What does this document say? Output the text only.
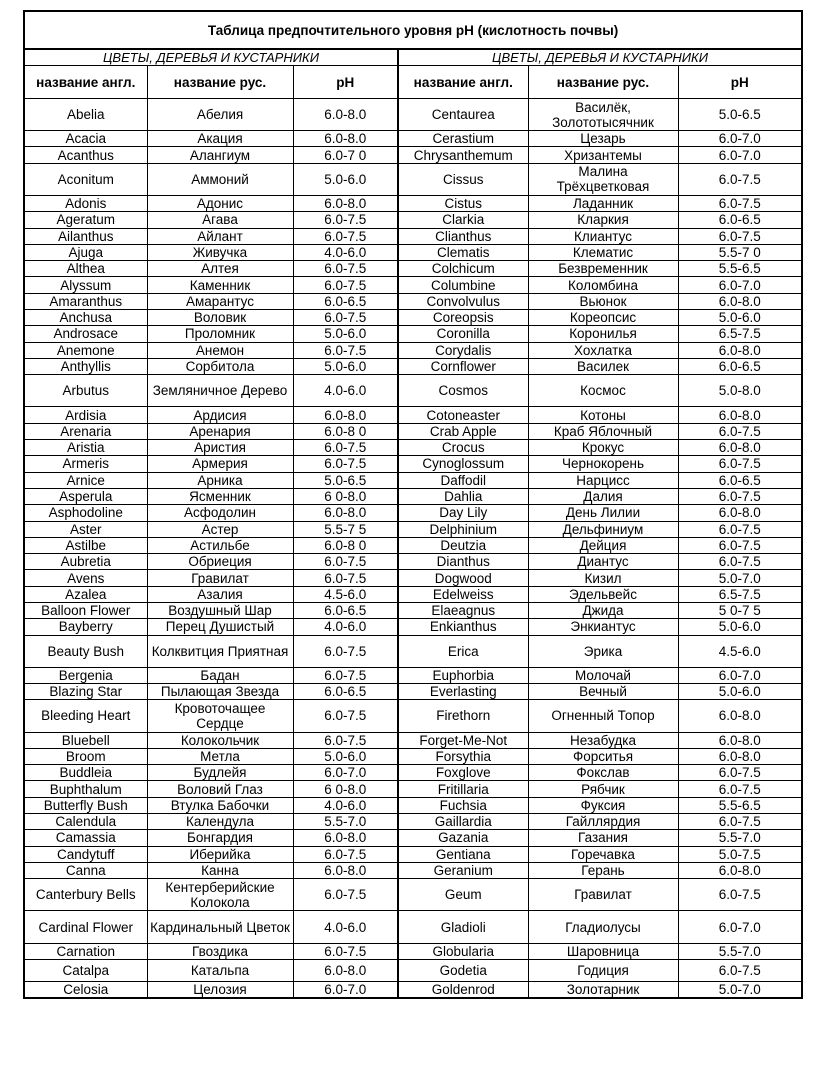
Таблица предпочтительного уровня рН (кислотность почвы)					
ЦВЕТЫ, ДЕРЕВЬЯ И КУСТАРНИКИ			ЦВЕТЫ, ДЕРЕВЬЯ И КУСТАРНИКИ		
название англ.	название рус.	pH	название англ.	название рус.	pH
Abelia	Абелия	6.0-8.0	Centaurea	Василёк, Золототысячник	5.0-6.5
Acacia	Акация	6.0-8.0	Cerastium	Цезарь	6.0-7.0
Acanthus	Алангиум	6.0-7 0	Chrysanthemum	Хризантемы	6.0-7.0
Aconitum	Аммоний	5.0-6.0	Cissus	Малина Трёхцветковая	6.0-7.5
Adonis	Адонис	6.0-8.0	Cistus	Ладанник	6.0-7.5
Ageratum	Агава	6.0-7.5	Clarkia	Кларкия	6.0-6.5
Ailanthus	Айлант	6.0-7.5	Clianthus	Клиантус	6.0-7.5
Ajuga	Живучка	4.0-6.0	Clematis	Клематис	5.5-7 0
Althea	Алтея	6.0-7.5	Colchicum	Безвременник	5.5-6.5
Alyssum	Каменник	6.0-7.5	Columbine	Коломбина	6.0-7.0
Amaranthus	Амарантус	6.0-6.5	Convolvulus	Вьюнок	6.0-8.0
Anchusa	Воловик	6.0-7.5	Coreopsis	Кореопсис	5.0-6.0
Androsace	Проломник	5.0-6.0	Coronilla	Коронилья	6.5-7.5
Anemone	Анемон	6.0-7.5	Corydalis	Хохлатка	6.0-8.0
Anthyllis	Сорбитола	5.0-6.0	Cornflower	Василек	6.0-6.5
Arbutus	Земляничное Дерево	4.0-6.0	Cosmos	Космос	5.0-8.0
Ardisia	Ардисия	6.0-8.0	Cotoneaster	Котоны	6.0-8.0
Arenaria	Аренария	6.0-8 0	Crab Apple	Краб Яблочный	6.0-7.5
Aristia	Аристия	6.0-7.5	Crocus	Крокус	6.0-8.0
Armeris	Армерия	6.0-7.5	Cynoglossum	Чернокорень	6.0-7.5
Arnice	Арника	5.0-6.5	Daffodil	Нарцисс	6.0-6.5
Asperula	Ясменник	6 0-8.0	Dahlia	Далия	6.0-7.5
Asphodoline	Асфодолин	6.0-8.0	Day Lily	День Лилии	6.0-8.0
Aster	Астер	5.5-7 5	Delphinium	Дельфиниум	6.0-7.5
Astilbe	Астильбе	6.0-8 0	Deutzia	Дейция	6.0-7.5
Aubretia	Обриеция	6.0-7.5	Dianthus	Диантус	6.0-7.5
Avens	Гравилат	6.0-7.5	Dogwood	Кизил	5.0-7.0
Azalea	Азалия	4.5-6.0	Edelweiss	Эдельвейс	6.5-7.5
Balloon Flower	Воздушный Шар	6.0-6.5	Elaeagnus	Джида	5 0-7 5
Bayberry	Перец Душистый	4.0-6.0	Enkianthus	Энкиантус	5.0-6.0
Beauty Bush	Колквитция Приятная	6.0-7.5	Erica	Эрика	4.5-6.0
Bergenia	Бадан	6.0-7.5	Euphorbia	Молочай	6.0-7.0
Blazing Star	Пылающая Звезда	6.0-6.5	Everlasting	Вечный	5.0-6.0
Bleeding Heart	Кровоточащее Сердце	6.0-7.5	Firethorn	Огненный Топор	6.0-8.0
Bluebell	Колокольчик	6.0-7.5	Forget-Me-Not	Незабудка	6.0-8.0
Broom	Метла	5.0-6.0	Forsythia	Форситья	6.0-8.0
Buddleia	Будлейя	6.0-7.0	Foxglove	Фокслав	6.0-7.5
Buphthalum	Воловий Глаз	6 0-8.0	Fritillaria	Рябчик	6.0-7.5
Butterfly Bush	Втулка Бабочки	4.0-6.0	Fuchsia	Фуксия	5.5-6.5
Calendula	Календула	5.5-7.0	Gaillardia	Гайллярдия	6.0-7.5
Camassia	Бонгардия	6.0-8.0	Gazania	Газания	5.5-7.0
Candytuff	Иберийка	6.0-7.5	Gentiana	Горечавка	5.0-7.5
Canna	Канна	6.0-8.0	Geranium	Герань	6.0-8.0
Canterbury Bells	Кентерберийские Колокола	6.0-7.5	Geum	Гравилат	6.0-7.5
Cardinal Flower	Кардинальный Цветок	4.0-6.0	Gladioli	Гладиолусы	6.0-7.0
Carnation	Гвоздика	6.0-7.5	Globularia	Шаровница	5.5-7.0
Catalpa	Катальпа	6.0-8.0	Godetia	Годиция	6.0-7.5
Celosia	Целозия	6.0-7.0	Goldenrod	Золотарник	5.0-7.0
